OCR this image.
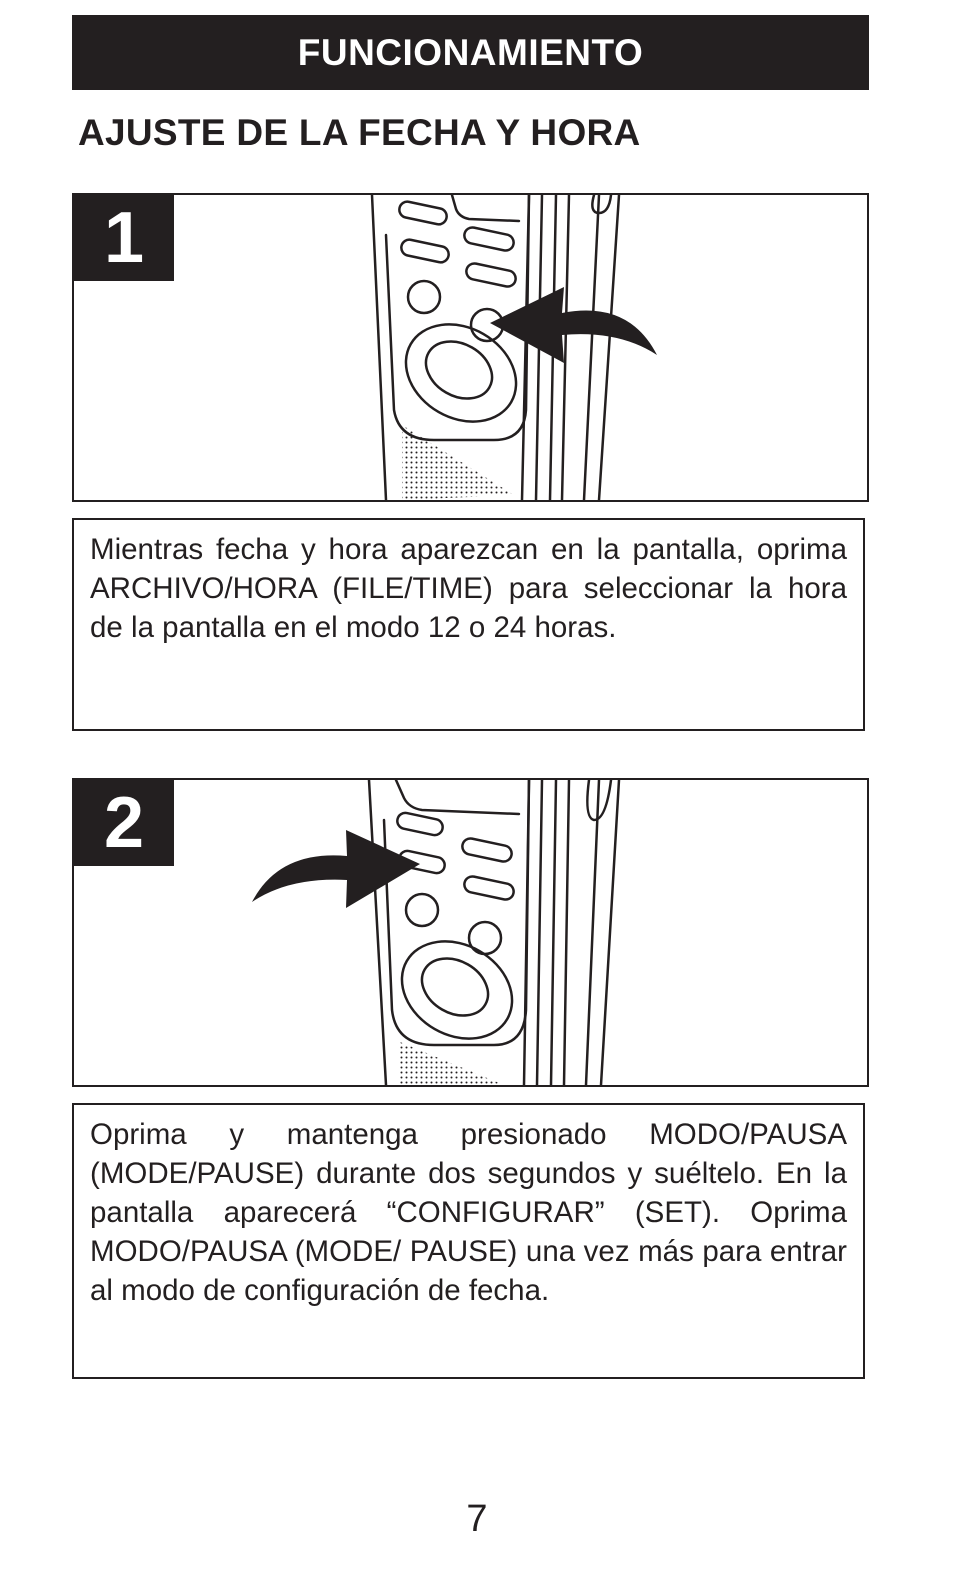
FUNCIONAMIENTO
AJUSTE DE LA FECHA Y HORA
1
Mientras fecha y hora aparezcan en la pantalla, oprima ARCHIVO/HORA (FILE/TIME) para seleccionar la hora de la pantalla en el modo 12 o 24 horas.
2
Oprima y mantenga presionado MODO/PAUSA (MODE/PAUSE) durante dos segundos y suéltelo. En la pantalla aparecerá “CONFIGURAR” (SET). Oprima MODO/PAUSA (MODE/ PAUSE) una vez más para entrar al modo de configuración de fecha.
7
